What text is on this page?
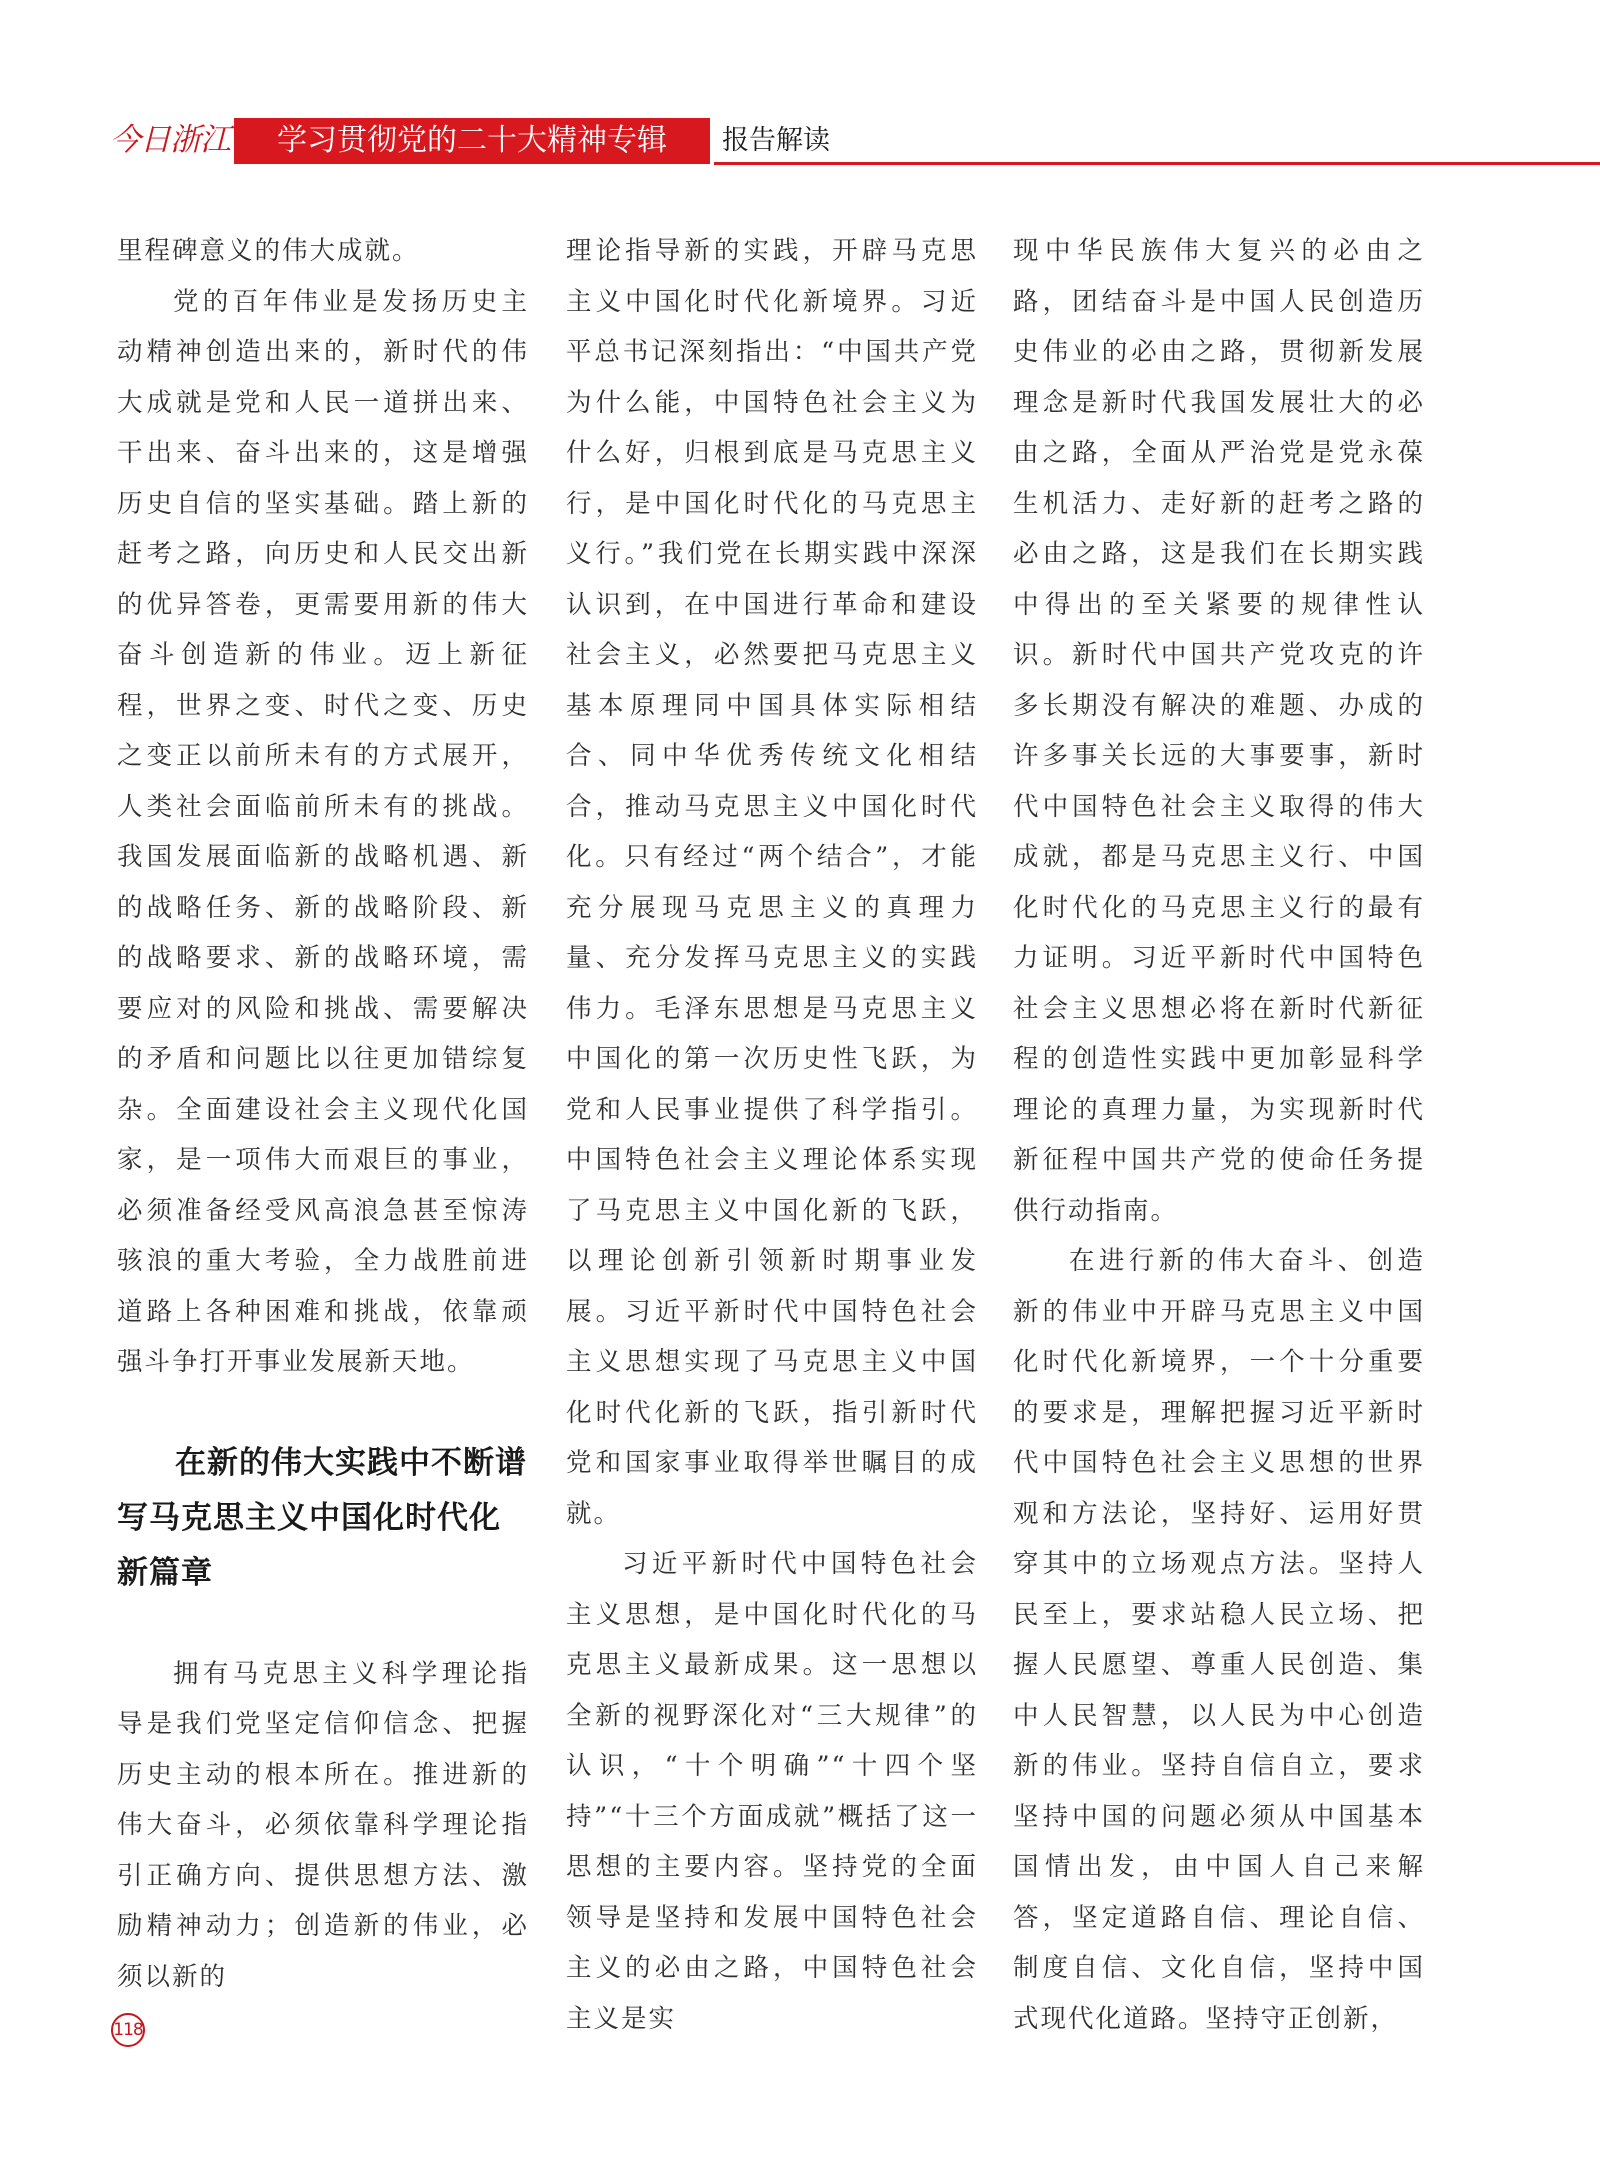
今日浙江	学习贯彻党的二十大精神专辑	报告解读

里程碑意义的伟大成就。

党的百年伟业是发扬历史主动精神创造出来的，新时代的伟大成就是党和人民一道拼出来、干出来、奋斗出来的，这是增强历史自信的坚实基础。踏上新的赶考之路，向历史和人民交出新的优异答卷，更需要用新的伟大奋斗创造新的伟业。迈上新征程，世界之变、时代之变、历史之变正以前所未有的方式展开，人类社会面临前所未有的挑战。我国发展面临新的战略机遇、新的战略任务、新的战略阶段、新的战略要求、新的战略环境，需要应对的风险和挑战、需要解决的矛盾和问题比以往更加错综复杂。全面建设社会主义现代化国家，是一项伟大而艰巨的事业，必须准备经受风高浪急甚至惊涛骇浪的重大考验，全力战胜前进道路上各种困难和挑战，依靠顽强斗争打开事业发展新天地。

在新的伟大实践中不断谱写马克思主义中国化时代化新篇章

拥有马克思主义科学理论指导是我们党坚定信仰信念、把握历史主动的根本所在。推进新的伟大奋斗，必须依靠科学理论指引正确方向、提供思想方法、激励精神动力；创造新的伟业，必须以新的

理论指导新的实践，开辟马克思主义中国化时代化新境界。习近平总书记深刻指出：“中国共产党为什么能，中国特色社会主义为什么好，归根到底是马克思主义行，是中国化时代化的马克思主义行。”我们党在长期实践中深深认识到，在中国进行革命和建设社会主义，必然要把马克思主义基本原理同中国具体实际相结合、同中华优秀传统文化相结合，推动马克思主义中国化时代化。只有经过“两个结合”，才能充分展现马克思主义的真理力量、充分发挥马克思主义的实践伟力。毛泽东思想是马克思主义中国化的第一次历史性飞跃，为党和人民事业提供了科学指引。中国特色社会主义理论体系实现了马克思主义中国化新的飞跃，以理论创新引领新时期事业发展。习近平新时代中国特色社会主义思想实现了马克思主义中国化时代化新的飞跃，指引新时代党和国家事业取得举世瞩目的成就。

习近平新时代中国特色社会主义思想，是中国化时代化的马克思主义最新成果。这一思想以全新的视野深化对“三大规律”的认识，“十个明确”“十四个坚持”“十三个方面成就”概括了这一思想的主要内容。坚持党的全面领导是坚持和发展中国特色社会主义的必由之路，中国特色社会主义是实

现中华民族伟大复兴的必由之路，团结奋斗是中国人民创造历史伟业的必由之路，贯彻新发展理念是新时代我国发展壮大的必由之路，全面从严治党是党永葆生机活力、走好新的赶考之路的必由之路，这是我们在长期实践中得出的至关紧要的规律性认识。新时代中国共产党攻克的许多长期没有解决的难题、办成的许多事关长远的大事要事，新时代中国特色社会主义取得的伟大成就，都是马克思主义行、中国化时代化的马克思主义行的最有力证明。习近平新时代中国特色社会主义思想必将在新时代新征程的创造性实践中更加彰显科学理论的真理力量，为实现新时代新征程中国共产党的使命任务提供行动指南。

在进行新的伟大奋斗、创造新的伟业中开辟马克思主义中国化时代化新境界，一个十分重要的要求是，理解把握习近平新时代中国特色社会主义思想的世界观和方法论，坚持好、运用好贯穿其中的立场观点方法。坚持人民至上，要求站稳人民立场、把握人民愿望、尊重人民创造、集中人民智慧，以人民为中心创造新的伟业。坚持自信自立，要求坚持中国的问题必须从中国基本国情出发，由中国人自己来解答，坚定道路自信、理论自信、制度自信、文化自信，坚持中国式现代化道路。坚持守正创新，

118
